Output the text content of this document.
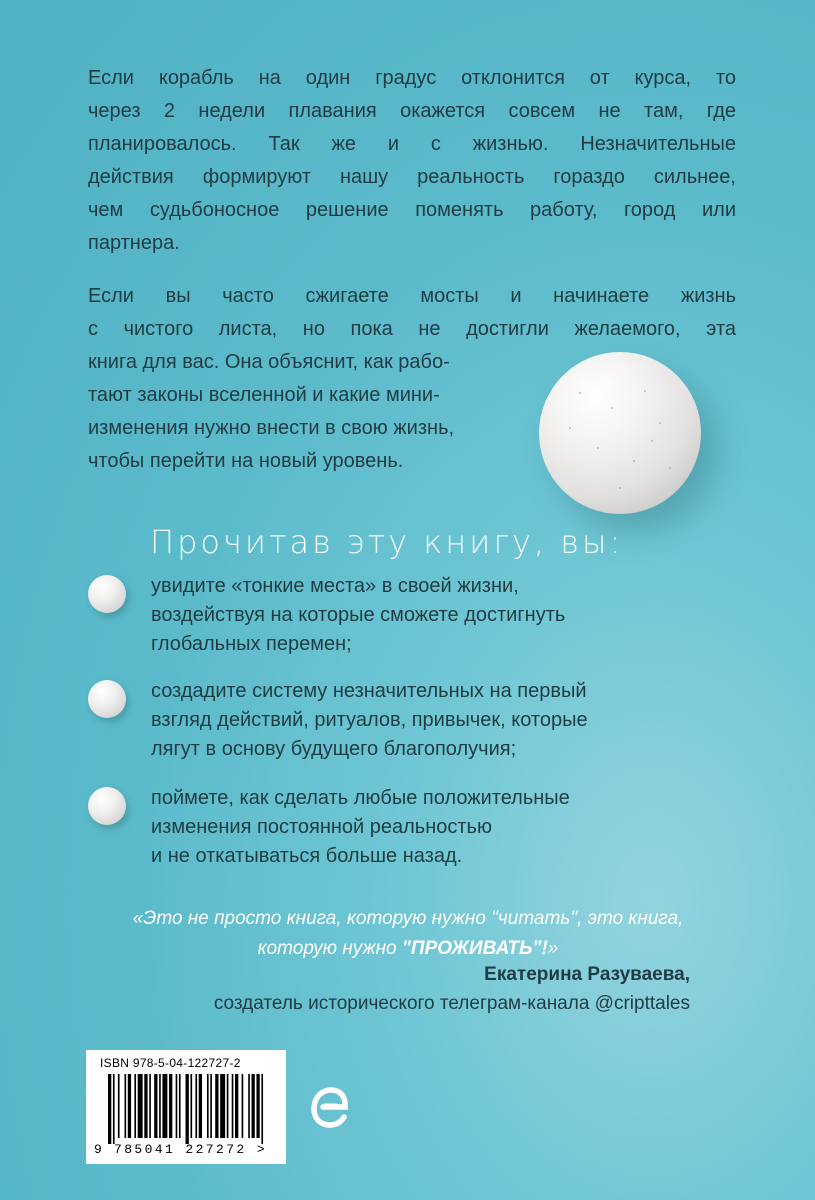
Если корабль на один градус отклонится от курса, то
через 2 недели плавания окажется совсем не там, где
планировалось. Так же и с жизнью. Незначительные
действия формируют нашу реальность гораздо сильнее,
чем судьбоносное решение поменять работу, город или
партнера.
Если вы часто сжигаете мосты и начинаете жизнь
с чистого листа, но пока не достигли желаемого, эта
книга для вас. Она объяснит, как рабо-
тают законы вселенной и какие мини-
изменения нужно внести в свою жизнь,
чтобы перейти на новый уровень.
Прочитав эту книгу, вы:
увидите «тонкие места» в своей жизни,
воздействуя на которые сможете достигнуть
глобальных перемен;
создадите систему незначительных на первый
взгляд действий, ритуалов, привычек, которые
лягут в основу будущего благополучия;
поймете, как сделать любые положительные
изменения постоянной реальностью
и не откатываться больше назад.
«Это не просто книга, которую нужно "читать", это книга,
которую нужно "ПРОЖИВАТЬ"!»
Екатерина Разуваева,
создатель исторического телеграм-канала @cripttales
ISBN 978-5-04-122727-2
9 785041 227272 >
